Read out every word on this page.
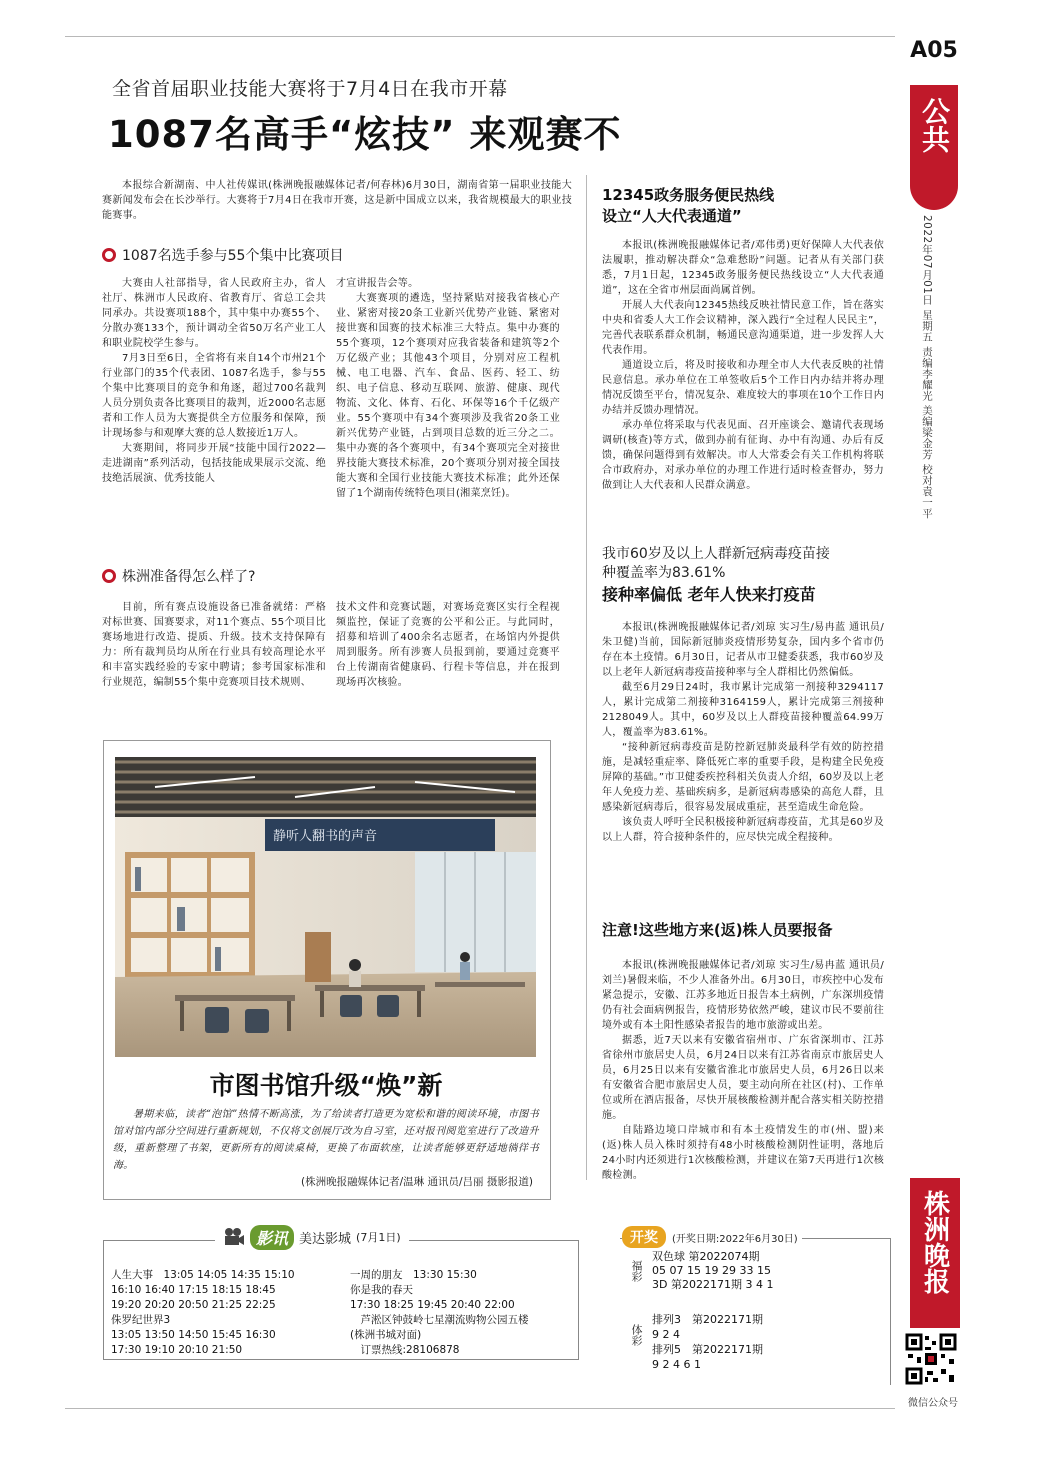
A05
公共
2022年07月01日 星期五 责编李耀光 美编梁金芳 校对袁一平
株洲晚报
微信公众号
全省首届职业技能大赛将于7月4日在我市开幕
1087名高手“炫技” 来观赛不

本报综合新湖南、中人社传媒讯(株洲晚报融媒体记者/何春林)6月30日，湖南省第一届职业技能大赛新闻发布会在长沙举行。大赛将于7月4日在我市开赛，这是新中国成立以来，我省规模最大的职业技能赛事。

1087名选手参与55个集中比赛项目

大赛由人社部指导，省人民政府主办，省人社厅、株洲市人民政府、省教育厅、省总工会共同承办。共设赛项188个，其中集中办赛55个、分散办赛133个，预计调动全省50万名产业工人和职业院校学生参与。

7月3日至6日，全省将有来自14个市州21个行业部门的35个代表团、1087名选手，参与55个集中比赛项目的竞争和角逐，超过700名裁判人员分别负责各比赛项目的裁判，近2000名志愿者和工作人员为大赛提供全方位服务和保障，预计现场参与和观摩大赛的总人数接近1万人。

大赛期间，将同步开展“技能中国行2022—走进湖南”系列活动，包括技能成果展示交流、绝技绝活展演、优秀技能人

才宣讲报告会等。

大赛赛项的遴选，坚持紧贴对接我省核心产业、紧密对接20条工业新兴优势产业链、紧密对接世赛和国赛的技术标准三大特点。集中办赛的55个赛项，12个赛项对应我省装备和建筑等2个万亿级产业；其他43个项目，分别对应工程机械、电工电器、汽车、食品、医药、轻工、纺织、电子信息、移动互联网、旅游、健康、现代物流、文化、体育、石化、环保等16个千亿级产业。55个赛项中有34个赛项涉及我省20条工业新兴优势产业链，占到项目总数的近三分之二。集中办赛的各个赛项中，有34个赛项完全对接世界技能大赛技术标准，20个赛项分别对接全国技能大赛和全国行业技能大赛技术标准；此外还保留了1个湖南传统特色项目(湘菜烹饪)。

株洲准备得怎么样了?

目前，所有赛点设施设备已准备就绪：严格对标世赛、国赛要求，对11个赛点、55个项目比赛场地进行改造、提质、升级。技术支持保障有力：所有裁判员均从所在行业具有较高理论水平和丰富实践经验的专家中聘请；参考国家标准和行业规范，编制55个集中竞赛项目技术规则、

技术文件和竞赛试题，对赛场竞赛区实行全程视频监控，保证了竞赛的公平和公正。与此同时，招募和培训了400余名志愿者，在场馆内外提供周到服务。所有涉赛人员报到前，要通过竞赛平台上传湖南省健康码、行程卡等信息，并在报到现场再次核验。

静听人翻书的声音
市图书馆升级“焕”新

暑期来临，读者“泡馆”热情不断高涨，为了给读者打造更为宽松和谐的阅读环境，市图书馆对馆内部分空间进行重新规划，不仅将文创展厅改为自习室，还对报刊阅览室进行了改造升级，重新整理了书架，更新所有的阅读桌椅，更换了布面软座，让读者能够更舒适地徜徉书海。

(株洲晚报融媒体记者/温琳 通讯员/吕丽 摄影报道)

12345政务服务便民热线

设立“人大代表通道”

本报讯(株洲晚报融媒体记者/邓伟勇)更好保障人大代表依法履职，推动解决群众“急难愁盼”问题。记者从有关部门获悉，7月1日起，12345政务服务便民热线设立“人大代表通道”，这在全省市州层面尚属首例。

开展人大代表向12345热线反映社情民意工作，旨在落实中央和省委人大工作会议精神，深入践行“全过程人民民主”，完善代表联系群众机制，畅通民意沟通渠道，进一步发挥人大代表作用。

通道设立后，将及时接收和办理全市人大代表反映的社情民意信息。承办单位在工单签收后5个工作日内办结并将办理情况反馈至平台，情况复杂、难度较大的事项在10个工作日内办结并反馈办理情况。

承办单位将采取与代表见面、召开座谈会、邀请代表现场调研(核查)等方式，做到办前有征询、办中有沟通、办后有反馈，确保问题得到有效解决。市人大常委会有关工作机构将联合市政府办，对承办单位的办理工作进行适时检查督办，努力做到让人大代表和人民群众满意。

我市60岁及以上人群新冠病毒疫苗接

种覆盖率为83.61%

接种率偏低 老年人快来打疫苗

本报讯(株洲晚报融媒体记者/刘琼 实习生/易冉蓝 通讯员/朱卫健)当前，国际新冠肺炎疫情形势复杂，国内多个省市仍存在本土疫情。6月30日，记者从市卫健委获悉，我市60岁及以上老年人新冠病毒疫苗接种率与全人群相比仍然偏低。

截至6月29日24时，我市累计完成第一剂接种3294117人，累计完成第二剂接种3164159人，累计完成第三剂接种2128049人。其中，60岁及以上人群疫苗接种覆盖64.99万人，覆盖率为83.61%。

“接种新冠病毒疫苗是防控新冠肺炎最科学有效的防控措施，是减轻重症率、降低死亡率的重要手段，是构建全民免疫屏障的基础。”市卫健委疾控科相关负责人介绍，60岁及以上老年人免疫力差、基础疾病多，是新冠病毒感染的高危人群，且感染新冠病毒后，很容易发展成重症，甚至造成生命危险。

该负责人呼吁全民积极接种新冠病毒疫苗，尤其是60岁及以上人群，符合接种条件的，应尽快完成全程接种。

注意!这些地方来(返)株人员要报备

本报讯(株洲晚报融媒体记者/刘琼 实习生/易冉蓝 通讯员/刘兰)暑假来临，不少人准备外出。6月30日，市疾控中心发布紧急提示，安徽、江苏多地近日报告本土病例，广东深圳疫情仍有社会面病例报告，疫情形势依然严峻，建议市民不要前往境外或有本土阳性感染者报告的地市旅游或出差。

据悉，近7天以来有安徽省宿州市、广东省深圳市、江苏省徐州市旅居史人员，6月24日以来有江苏省南京市旅居史人员，6月25日以来有安徽省淮北市旅居史人员，6月26日以来有安徽省合肥市旅居史人员，要主动向所在社区(村)、工作单位或所在酒店报备，尽快开展核酸检测并配合落实相关防控措施。

自陆路边境口岸城市和有本土疫情发生的市(州、盟)来(返)株人员入株时须持有48小时核酸检测阴性证明，落地后24小时内还须进行1次核酸检测，并建议在第7天再进行1次核酸检测。

影讯 美达影城 (7月1日)
人生大事　13:05 14:05 14:35 15:10
16:10 16:40 17:15 18:15 18:45
19:20 20:20 20:50 21:25 22:25
侏罗纪世界3
13:05 13:50 14:50 15:45 16:30
17:30 19:10 20:10 21:50
一周的朋友　13:30 15:30
你是我的春天
17:30 18:25 19:45 20:40 22:00
　芦淞区钟鼓岭七星潮流购物公园五楼
(株洲书城对面)
　订票热线:28106878
开奖	(开奖日期:2022年6月30日)
福彩
双色球 第2022074期
05 07 15 19 29 33 15
3D 第2022171期 3 4 1
体彩
排列3　第2022171期
9 2 4
排列5　第2022171期
9 2 4 6 1
